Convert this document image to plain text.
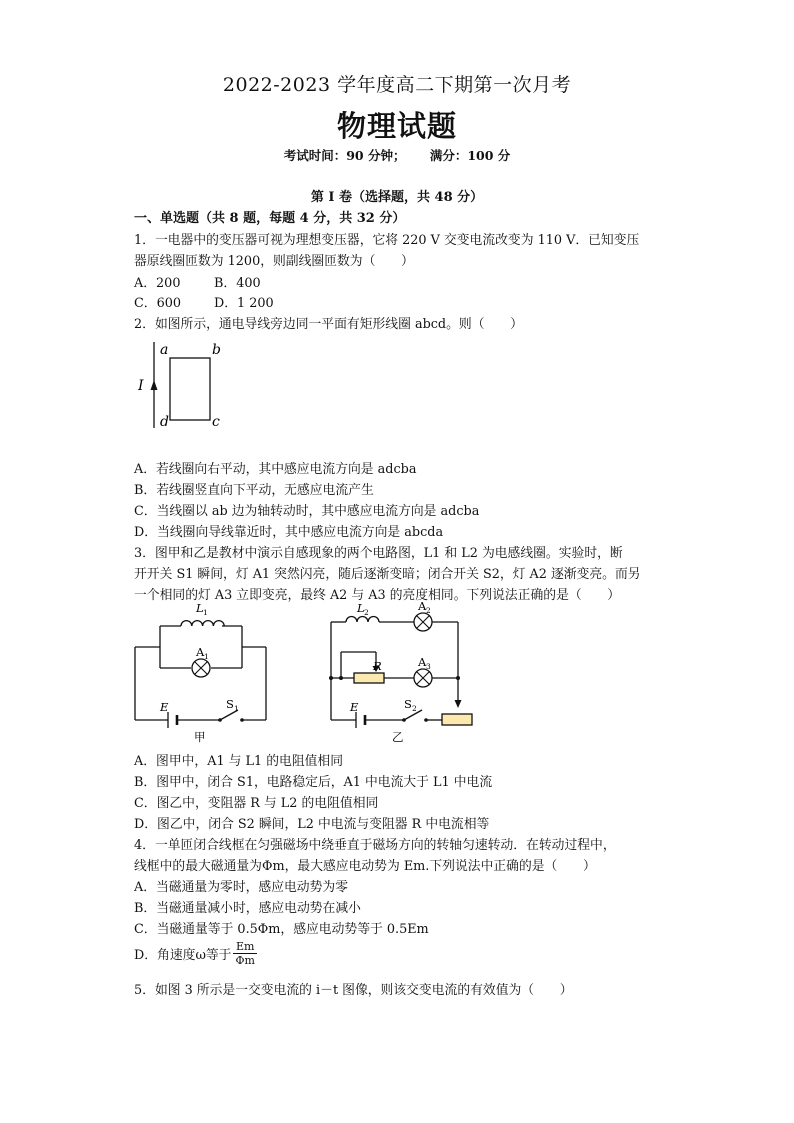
2022-2023 学年度高二下期第一次月考
物理试题
考试时间：90 分钟； 满分：100 分
第 I 卷（选择题，共 48 分）
一、单选题（共 8 题，每题 4 分，共 32 分）
1．一电器中的变压器可视为理想变压器，它将 220 V 交变电流改变为 110 V．已知变压
器原线圈匝数为 1200，则副线圈匝数为（　　）
A．200	B．400
C．600	D．1 200
2．如图所示，通电导线旁边同一平面有矩形线圈 abcd。则（　　）
I
a	b
c
d
A．若线圈向右平动，其中感应电流方向是 adcba
B．若线圈竖直向下平动，无感应电流产生
C．当线圈以 ab 边为轴转动时，其中感应电流方向是 adcba
D．当线圈向导线靠近时，其中感应电流方向是 abcda
3．图甲和乙是教材中演示自感现象的两个电路图，L1 和 L2 为电感线圈。实验时，断
开开关 S1 瞬间，灯 A1 突然闪亮，随后逐渐变暗；闭合开关 S2，灯 A2 逐渐变亮。而另
一个相同的灯 A3 立即变亮，最终 A2 与 A3 的亮度相同。下列说法正确的是（　　）
L 1
A 1
E	S 1
甲
L 2	A 2
R	A 3
E	S 2
乙
A．图甲中，A1 与 L1 的电阻值相同
B．图甲中，闭合 S1，电路稳定后，A1 中电流大于 L1 中电流
C．图乙中，变阻器 R 与 L2 的电阻值相同
D．图乙中，闭合 S2 瞬间，L2 中电流与变阻器 R 中电流相等
4．一单匝闭合线框在匀强磁场中绕垂直于磁场方向的转轴匀速转动．在转动过程中，
线框中的最大磁通量为Φm，最大感应电动势为 Em.下列说法中正确的是（　　）
A．当磁通量为零时，感应电动势为零
B．当磁通量减小时，感应电动势在减小
C．当磁通量等于 0.5Φm，感应电动势等于 0.5Em
D．角速度ω等于 $\frac{Em}{\Phi m}$
5．如图 3 所示是一交变电流的 i－t 图像，则该交变电流的有效值为（　　）
